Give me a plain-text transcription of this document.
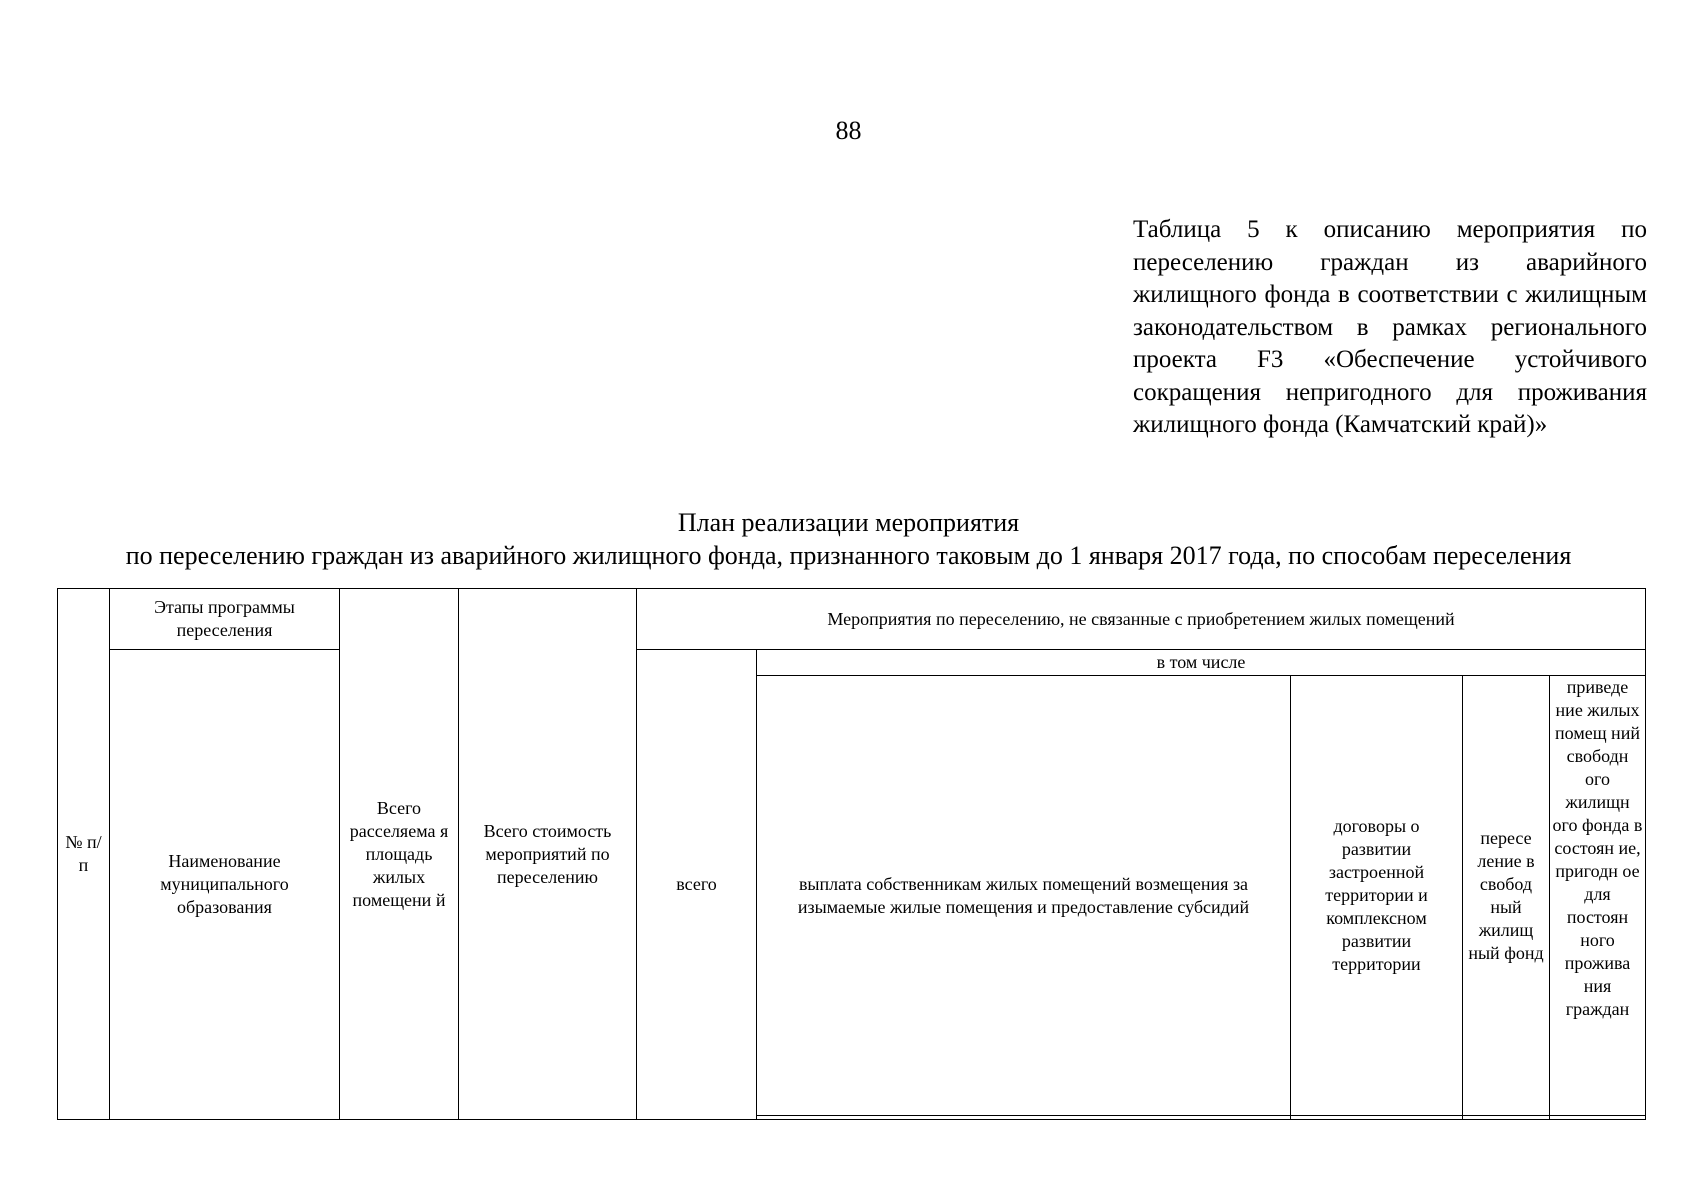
88
Таблица 5 к описанию мероприятия по переселению граждан из аварийного жилищного фонда в соответствии с жилищным законодательством в рамках регионального проекта F3 «Обеспечение устойчивого сокращения непригодного для проживания жилищного фонда (Камчатский край)»
План реализации мероприятия
по переселению граждан из аварийного жилищного фонда, признанного таковым до 1 января 2017 года, по способам переселения
№ п/п	Этапы программы переселения	Всего расселяема я площадь жилых помещени й	Всего стоимость мероприятий по переселению	Мероприятия по переселению, не связанные с приобретением жилых помещений				
	Наименование муниципального образования			всего	в том числе			
					выплата собственникам жилых помещений возмещения за изымаемые жилые помещения и предоставление субсидий	договоры о развитии застроенной территории и комплексном развитии территории	пересе ление в свобод ный жилищ ный фонд	приведе ние жилых помещ ний свободн ого жилищн ого фонда в состоян ие, пригодн ое для постоян ного прожива ния граждан
